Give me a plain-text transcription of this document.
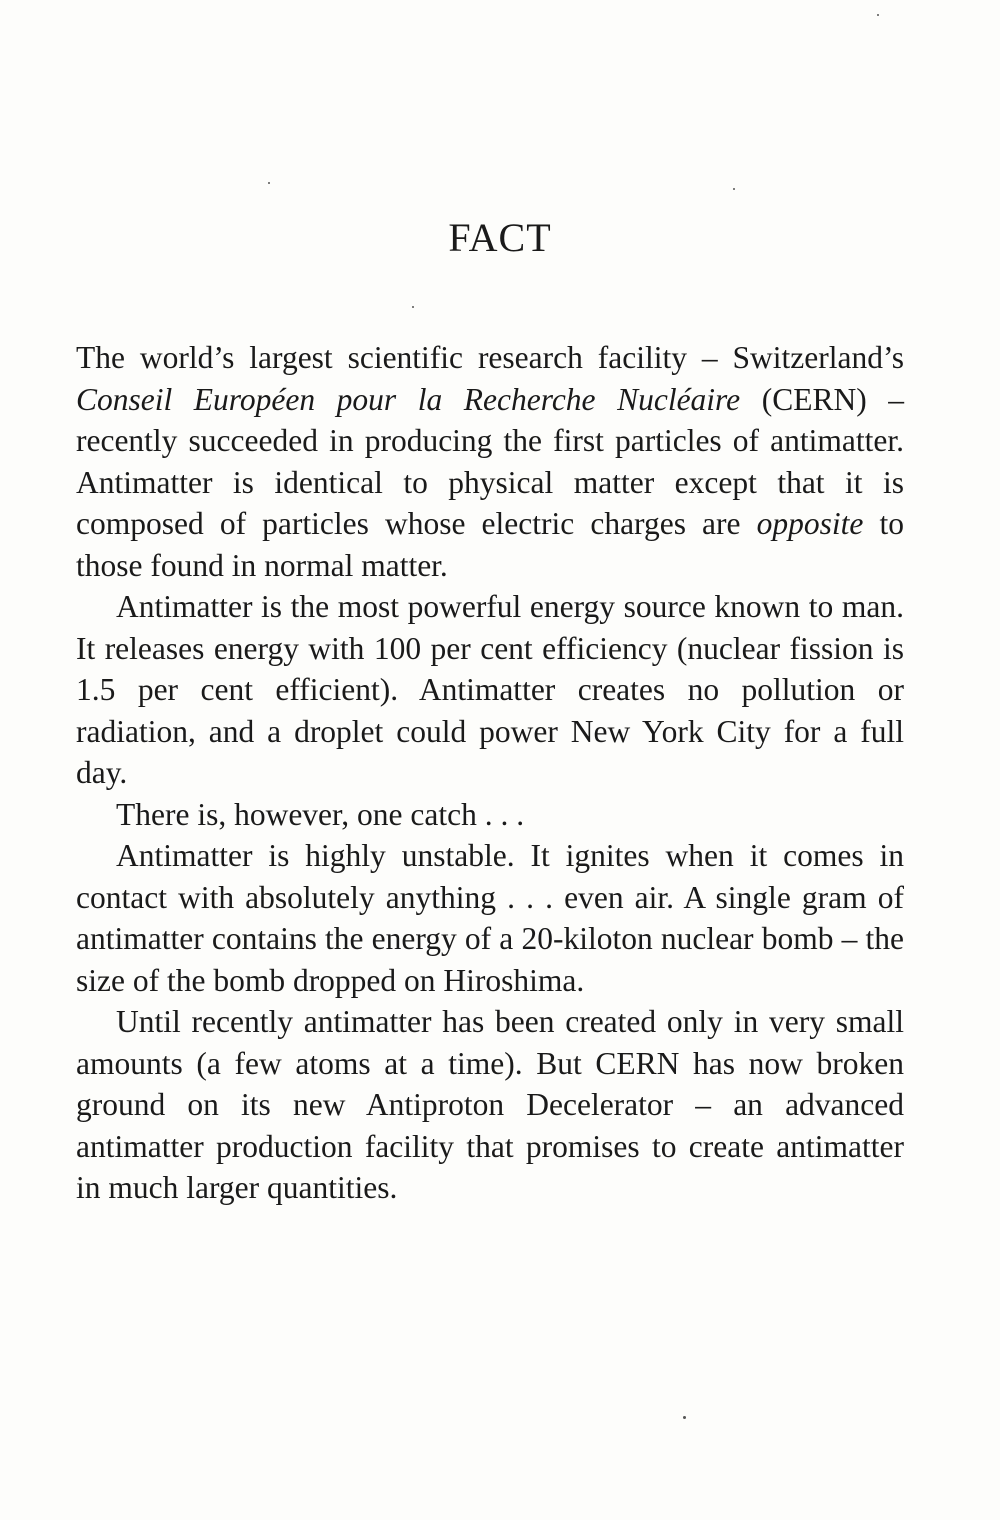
FACT

The world’s largest scientific research facility – Switzerland’s Conseil Européen pour la Recherche Nucléaire (CERN) – recently succeeded in producing the first particles of antimatter. Antimatter is identical to physical matter except that it is composed of particles whose electric charges are opposite to those found in normal matter.

Antimatter is the most powerful energy source known to man. It releases energy with 100 per cent efficiency (nuclear fission is 1.5 per cent efficient). Antimatter creates no pollution or radiation, and a droplet could power New York City for a full day.

There is, however, one catch . . .

Antimatter is highly unstable. It ignites when it comes in contact with absolutely anything . . . even air. A single gram of antimatter contains the energy of a 20-kiloton nuclear bomb – the size of the bomb dropped on Hiroshima.

Until recently antimatter has been created only in very small amounts (a few atoms at a time). But CERN has now broken ground on its new Antiproton Decelerator – an advanced antimatter production facility that promises to create antimatter in much larger quantities.
